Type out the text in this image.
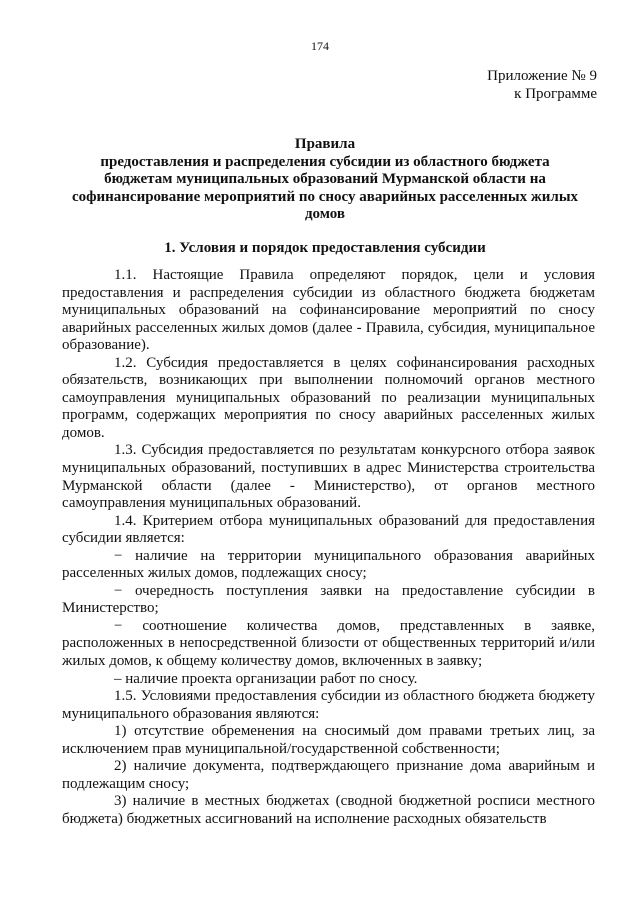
174
Приложение № 9
к Программе
Правила
предоставления и распределения субсидии из областного бюджета
бюджетам муниципальных образований Мурманской области на
софинансирование мероприятий по сносу аварийных расселенных жилых
домов
1. Условия и порядок предоставления субсидии

1.1. Настоящие Правила определяют порядок, цели и условия предоставления и распределения субсидии из областного бюджета бюджетам муниципальных образований на софинансирование мероприятий по сносу аварийных расселенных жилых домов (далее - Правила, субсидия, муниципальное образование).

1.2. Субсидия предоставляется в целях софинансирования расходных обязательств, возникающих при выполнении полномочий органов местного самоуправления муниципальных образований по реализации муниципальных программ, содержащих мероприятия по сносу аварийных расселенных жилых домов.

1.3. Субсидия предоставляется по результатам конкурсного отбора заявок муниципальных образований, поступивших в адрес Министерства строительства Мурманской области (далее - Министерство), от органов местного самоуправления муниципальных образований.

1.4. Критерием отбора муниципальных образований для предоставления субсидии является:

− наличие на территории муниципального образования аварийных расселенных жилых домов, подлежащих сносу;

− очередность поступления заявки на предоставление субсидии в Министерство;

− соотношение количества домов, представленных в заявке, расположенных в непосредственной близости от общественных территорий и/или жилых домов, к общему количеству домов, включенных в заявку;

– наличие проекта организации работ по сносу.

1.5. Условиями предоставления субсидии из областного бюджета бюджету муниципального образования являются:

1) отсутствие обременения на сносимый дом правами третьих лиц, за исключением прав муниципальной/государственной собственности;

2) наличие документа, подтверждающего признание дома аварийным и подлежащим сносу;

3) наличие в местных бюджетах (сводной бюджетной росписи местного бюджета) бюджетных ассигнований на исполнение расходных обязательств
